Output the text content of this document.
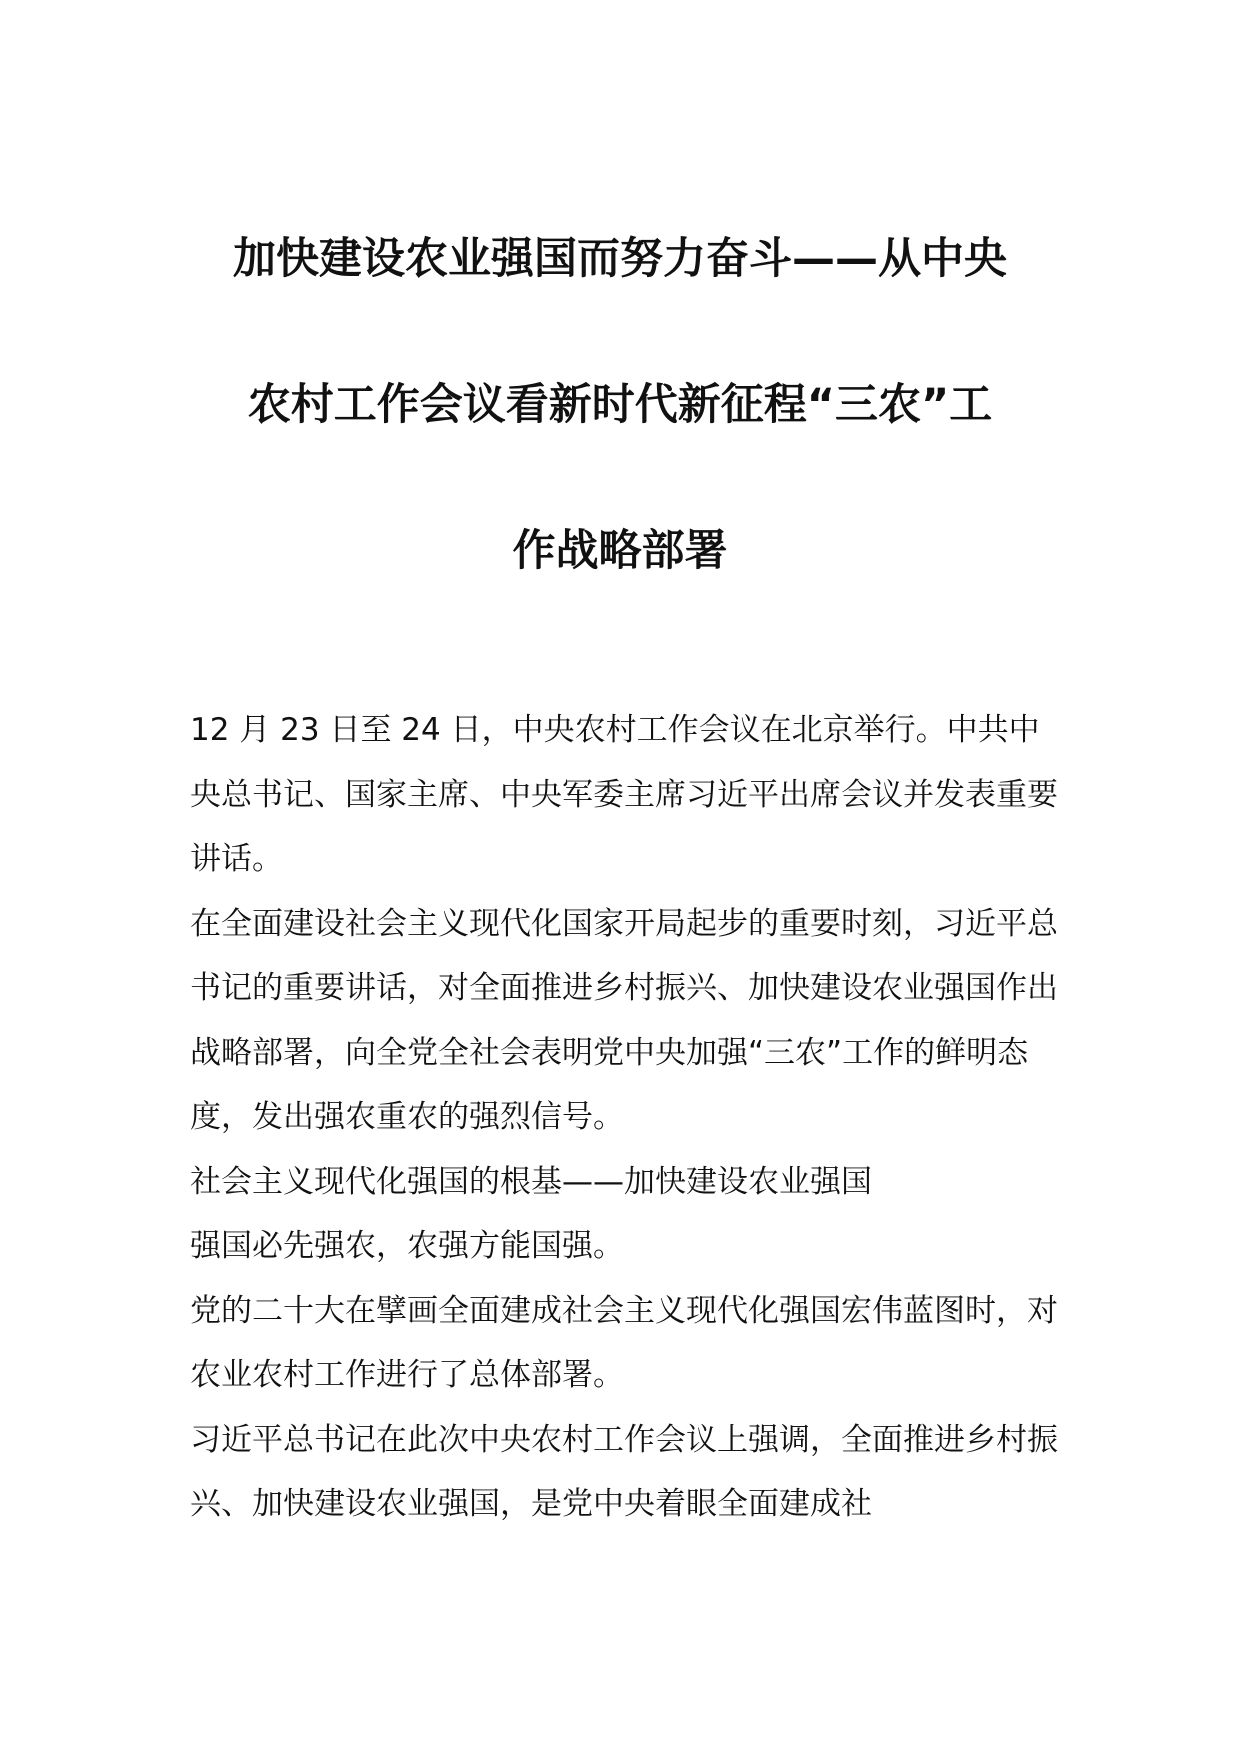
加快建设农业强国而努力奋斗——从中央
农村工作会议看新时代新征程“三农”工
作战略部署

12 月 23 日至 24 日，中央农村工作会议在北京举行。中共中央总书记、国家主席、中央军委主席习近平出席会议并发表重要讲话。

在全面建设社会主义现代化国家开局起步的重要时刻，习近平总书记的重要讲话，对全面推进乡村振兴、加快建设农业强国作出战略部署，向全党全社会表明党中央加强“三农”工作的鲜明态度，发出强农重农的强烈信号。

社会主义现代化强国的根基——加快建设农业强国

强国必先强农，农强方能国强。

党的二十大在擘画全面建成社会主义现代化强国宏伟蓝图时，对农业农村工作进行了总体部署。

习近平总书记在此次中央农村工作会议上强调，全面推进乡村振兴、加快建设农业强国，是党中央着眼全面建成社
